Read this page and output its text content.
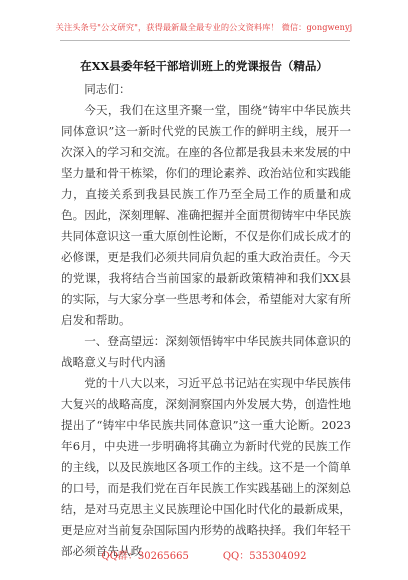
关注头条号"公文研究"，获得最新最全最专业的公文资料库！ 微信：gongwenyj
在XX县委年轻干部培训班上的党课报告（精品）

同志们：

今天，我们在这里齐聚一堂，围绕“铸牢中华民族共同体意识”这一新时代党的民族工作的鲜明主线，展开一次深入的学习和交流。在座的各位都是我县未来发展的中坚力量和骨干栋梁，你们的理论素养、政治站位和实践能力，直接关系到我县民族工作乃至全局工作的质量和成色。因此，深刻理解、准确把握并全面贯彻铸牢中华民族共同体意识这一重大原创性论断，不仅是你们成长成才的必修课，更是我们必须共同肩负起的重大政治责任。今天的党课，我将结合当前国家的最新政策精神和我们XX县的实际，与大家分享一些思考和体会，希望能对大家有所启发和帮助。

一、登高望远：深刻领悟铸牢中华民族共同体意识的战略意义与时代内涵

党的十八大以来，习近平总书记站在实现中华民族伟大复兴的战略高度，深刻洞察国内外发展大势，创造性地提出了“铸牢中华民族共同体意识”这一重大论断。2023年6月，中央进一步明确将其确立为新时代党的民族工作的主线，以及民族地区各项工作的主线。这不是一个简单的口号，而是我们党在百年民族工作实践基础上的深刻总结，是对马克思主义民族理论中国化时代化的最新成果，更是应对当前复杂国际国内形势的战略抉择。我们年轻干部必须首先从政

QQ群：30265665	QQ：535304092
